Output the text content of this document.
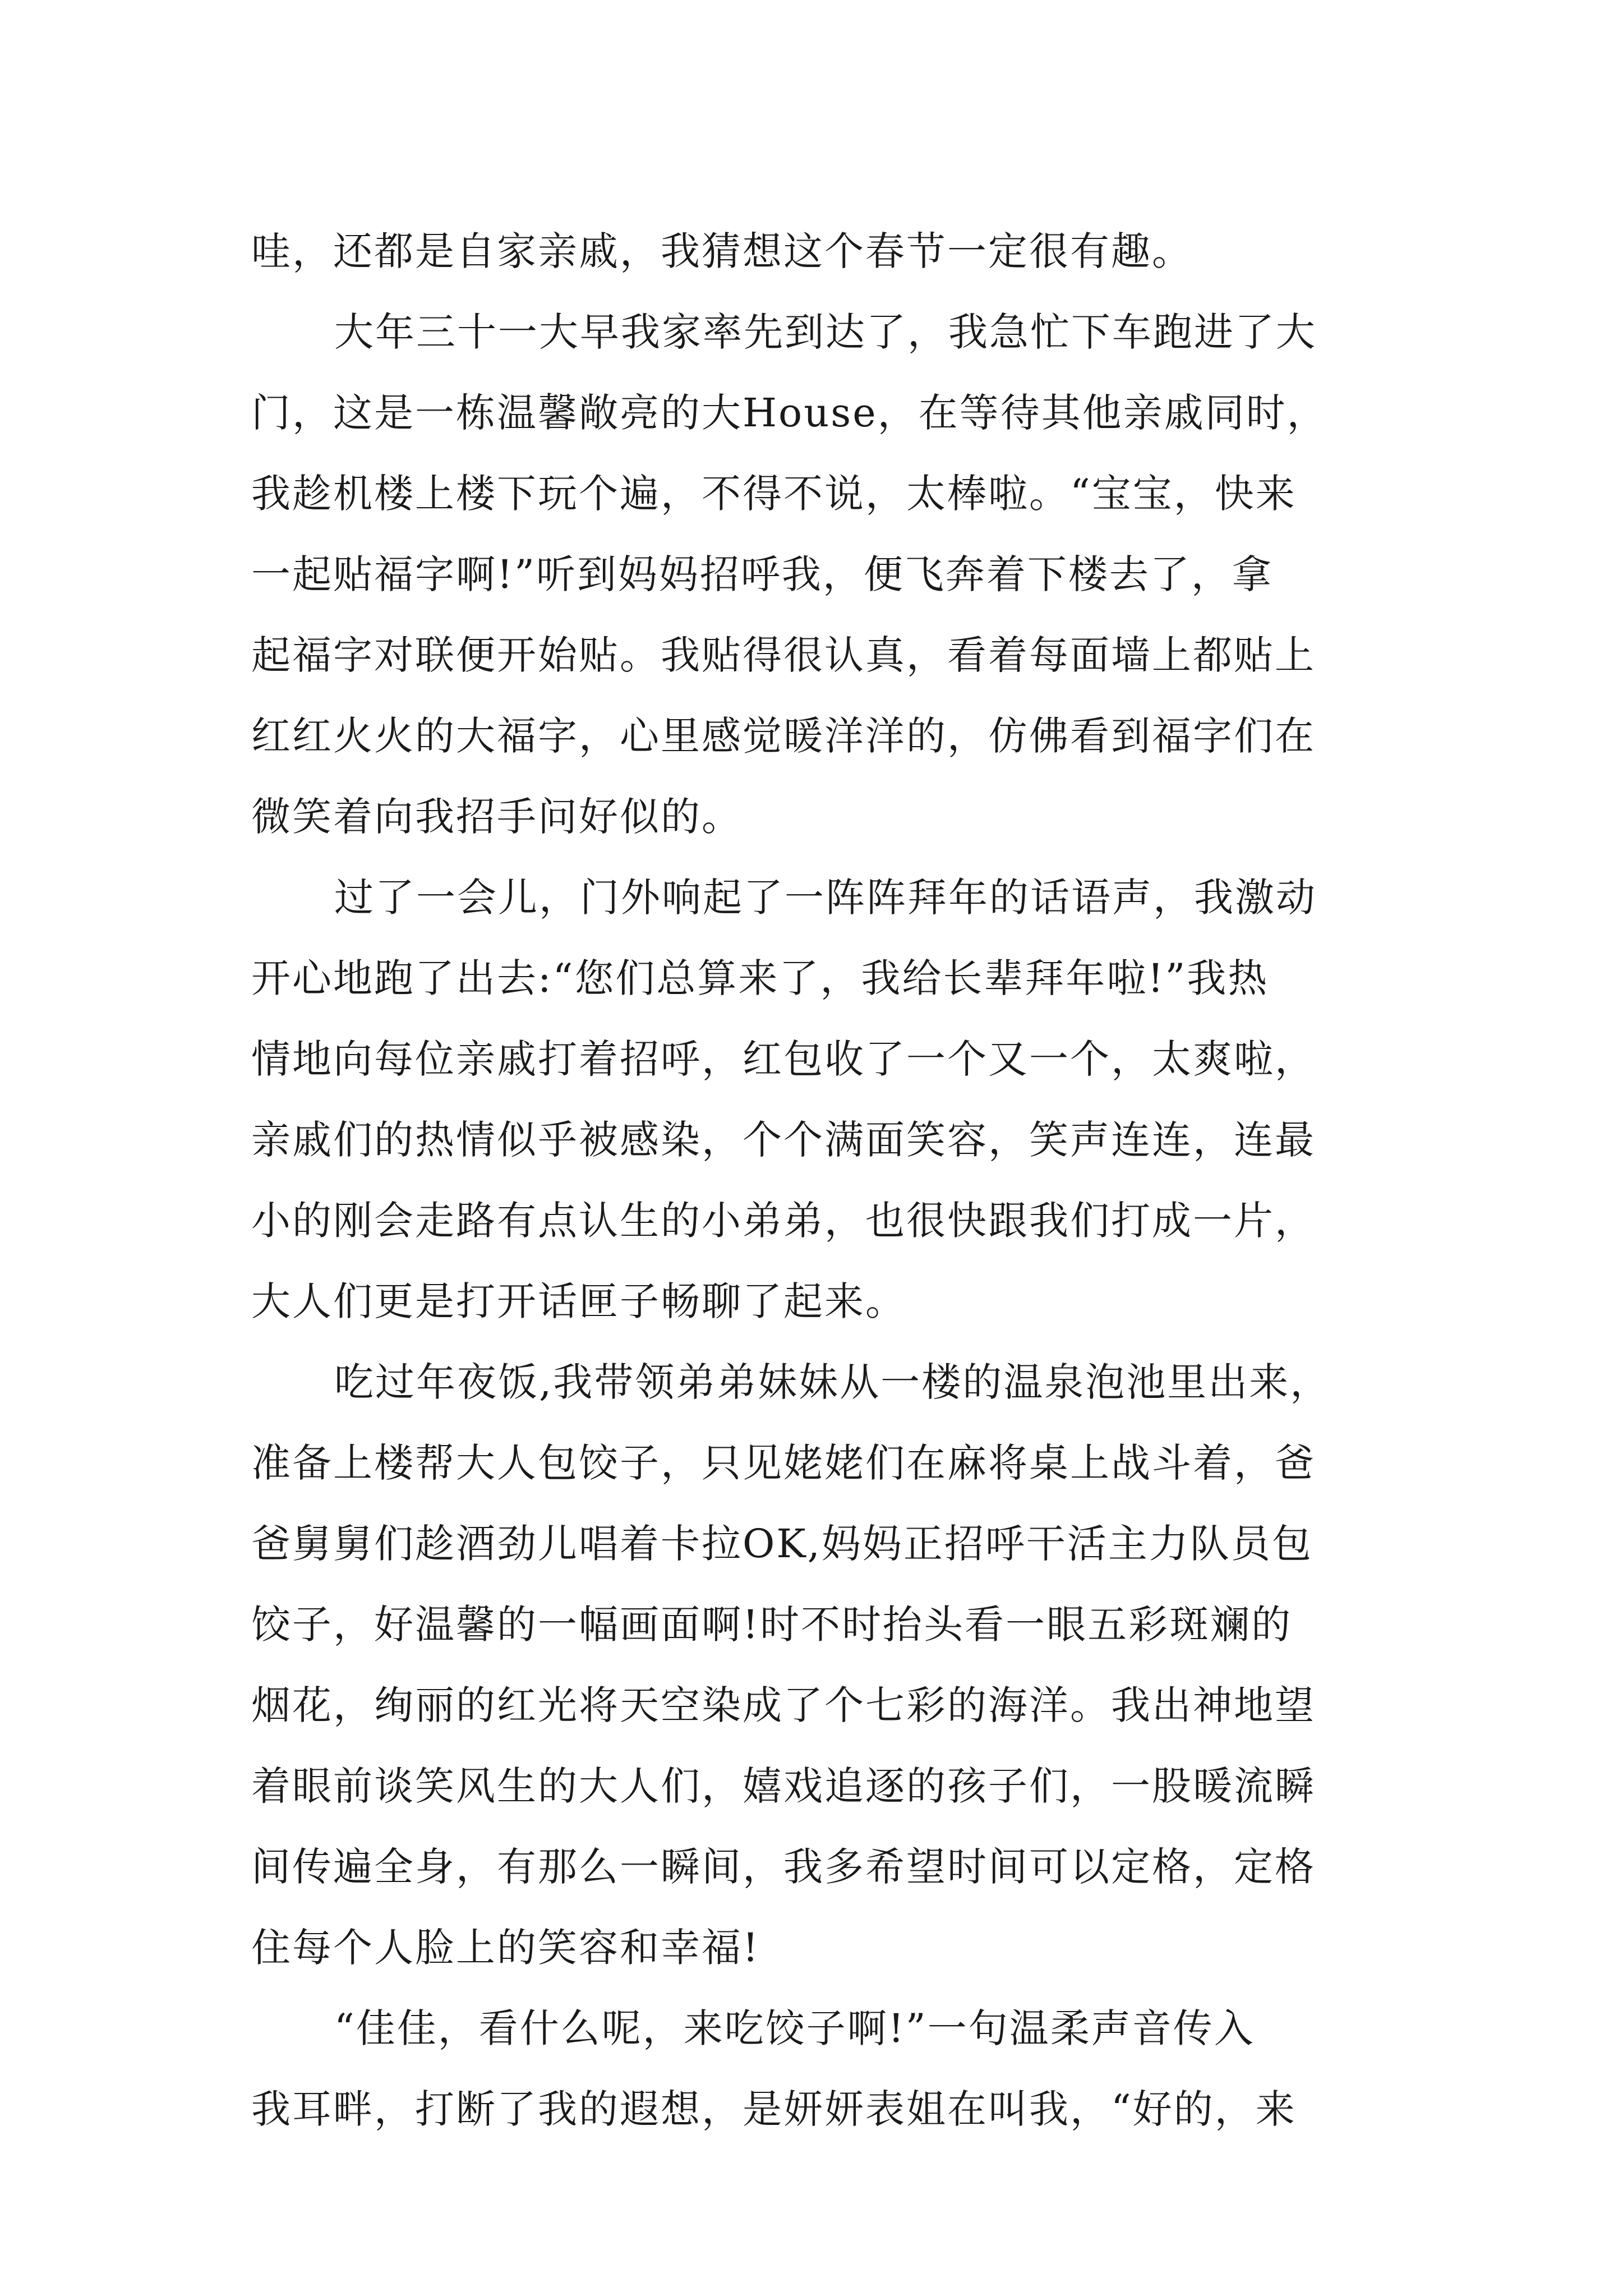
哇，还都是自家亲戚，我猜想这个春节一定很有趣。
大年三十一大早我家率先到达了，我急忙下车跑进了大
门，这是一栋温馨敞亮的大House，在等待其他亲戚同时，
我趁机楼上楼下玩个遍，不得不说，太棒啦。“宝宝，快来
一起贴福字啊!”听到妈妈招呼我，便飞奔着下楼去了，拿
起福字对联便开始贴。我贴得很认真，看着每面墙上都贴上
红红火火的大福字，心里感觉暖洋洋的，仿佛看到福字们在
微笑着向我招手问好似的。
过了一会儿，门外响起了一阵阵拜年的话语声，我激动
开心地跑了出去:“您们总算来了，我给长辈拜年啦!”我热
情地向每位亲戚打着招呼，红包收了一个又一个，太爽啦，
亲戚们的热情似乎被感染，个个满面笑容，笑声连连，连最
小的刚会走路有点认生的小弟弟，也很快跟我们打成一片，
大人们更是打开话匣子畅聊了起来。
吃过年夜饭,我带领弟弟妹妹从一楼的温泉泡池里出来，
准备上楼帮大人包饺子，只见姥姥们在麻将桌上战斗着，爸
爸舅舅们趁酒劲儿唱着卡拉OK,妈妈正招呼干活主力队员包
饺子，好温馨的一幅画面啊!时不时抬头看一眼五彩斑斓的
烟花，绚丽的红光将天空染成了个七彩的海洋。我出神地望
着眼前谈笑风生的大人们，嬉戏追逐的孩子们，一股暖流瞬
间传遍全身，有那么一瞬间，我多希望时间可以定格，定格
住每个人脸上的笑容和幸福!
“佳佳，看什么呢，来吃饺子啊!”一句温柔声音传入
我耳畔，打断了我的遐想，是妍妍表姐在叫我，“好的，来
